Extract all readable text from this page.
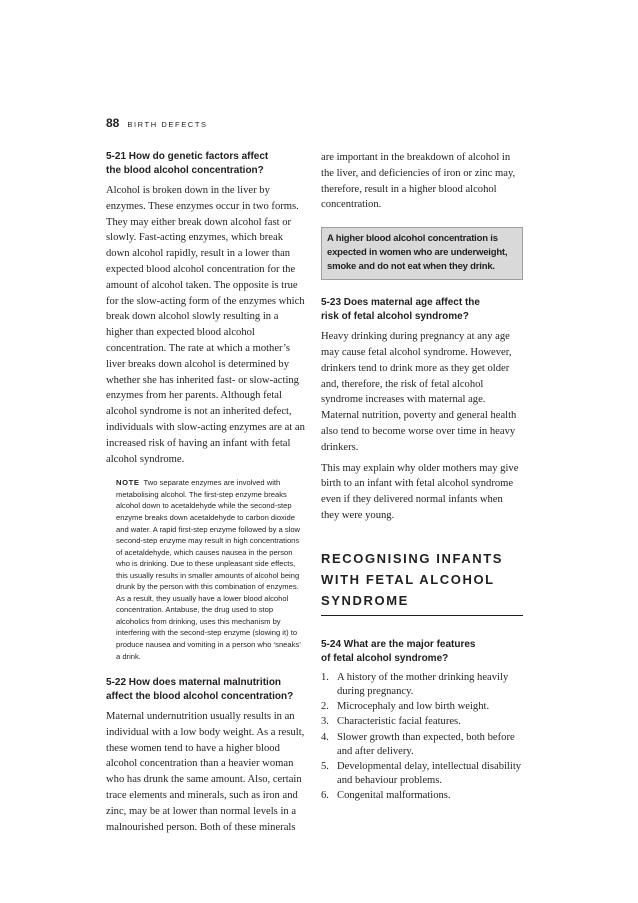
88 BIRTH DEFECTS
5-21 How do genetic factors affect
the blood alcohol concentration?

Alcohol is broken down in the liver by enzymes. These enzymes occur in two forms. They may either break down alcohol fast or slowly. Fast-acting enzymes, which break down alcohol rapidly, result in a lower than expected blood alcohol concentration for the amount of alcohol taken. The opposite is true for the slow-acting form of the enzymes which break down alcohol slowly resulting in a higher than expected blood alcohol concentration. The rate at which a mother’s liver breaks down alcohol is determined by whether she has inherited fast- or slow-acting enzymes from her parents. Although fetal alcohol syndrome is not an inherited defect, individuals with slow-acting enzymes are at an increased risk of having an infant with fetal alcohol syndrome.

NOTE Two separate enzymes are involved with metabolising alcohol. The first-step enzyme breaks alcohol down to acetaldehyde while the second-step enzyme breaks down acetaldehyde to carbon dioxide and water. A rapid first-step enzyme followed by a slow second-step enzyme may result in high concentrations of acetaldehyde, which causes nausea in the person who is drinking. Due to these unpleasant side effects, this usually results in smaller amounts of alcohol being drunk by the person with this combination of enzymes. As a result, they usually have a lower blood alcohol concentration. Antabuse, the drug used to stop alcoholics from drinking, uses this mechanism by interfering with the second-step enzyme (slowing it) to produce nausea and vomiting in a person who ‘sneaks’ a drink.

5-22 How does maternal malnutrition
affect the blood alcohol concentration?

Maternal undernutrition usually results in an individual with a low body weight. As a result, these women tend to have a higher blood alcohol concentration than a heavier woman who has drunk the same amount. Also, certain trace elements and minerals, such as iron and zinc, may be at lower than normal levels in a malnourished person. Both of these minerals

are important in the breakdown of alcohol in the liver, and deficiencies of iron or zinc may, therefore, result in a higher blood alcohol concentration.

A higher blood alcohol concentration is expected in women who are underweight, smoke and do not eat when they drink.
5-23 Does maternal age affect the
risk of fetal alcohol syndrome?

Heavy drinking during pregnancy at any age may cause fetal alcohol syndrome. However, drinkers tend to drink more as they get older and, therefore, the risk of fetal alcohol syndrome increases with maternal age. Maternal nutrition, poverty and general health also tend to become worse over time in heavy drinkers.

This may explain why older mothers may give birth to an infant with fetal alcohol syndrome even if they delivered normal infants when they were young.

RECOGNISING INFANTS
WITH FETAL ALCOHOL
SYNDROME
5-24 What are the major features
of fetal alcohol syndrome?
1. A history of the mother drinking heavily during pregnancy.
2. Microcephaly and low birth weight.
3. Characteristic facial features.
4. Slower growth than expected, both before and after delivery.
5. Developmental delay, intellectual disability and behaviour problems.
6. Congenital malformations.
